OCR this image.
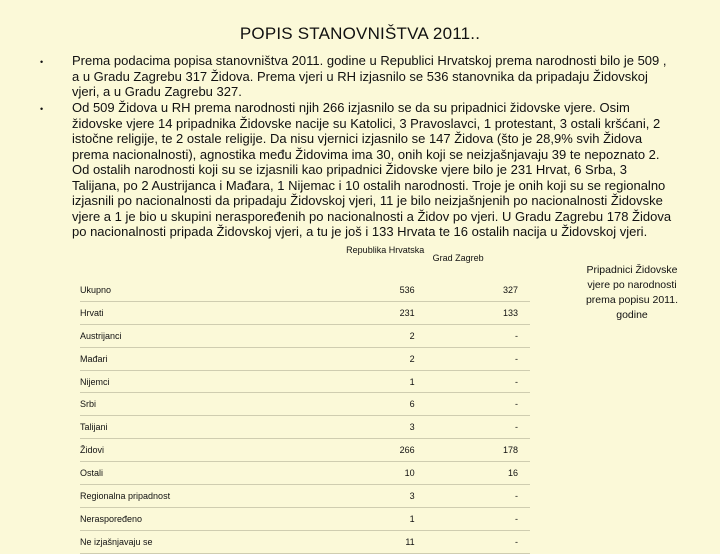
POPIS STANOVNIŠTVA 2011..
• Prema podacima popisa stanovništva 2011. godine u Republici Hrvatskoj prema narodnosti bilo je 509 , a u Gradu Zagrebu 317 Židova. Prema vjeri u RH izjasnilo se 536 stanovnika da pripadaju Židovskoj vjeri, a u Gradu Zagrebu 327.
• Od 509 Židova u RH prema narodnosti njih 266 izjasnilo se da su pripadnici židovske vjere. Osim židovske vjere 14 pripadnika Židovske nacije su Katolici, 3 Pravoslavci, 1 protestant, 3 ostali kršćani, 2 istočne religije, te 2 ostale religije. Da nisu vjernici izjasnilo se 147 Židova (što je 28,9% svih Židova prema nacionalnosti), agnostika među Židovima ima 30, onih koji se neizjašnjavaju 39 te nepoznato 2. Od ostalih narodnosti koji su se izjasnili kao pripadnici Židovske vjere bilo je 231 Hrvat, 6 Srba, 3 Talijana, po 2 Austrijanca i Mađara, 1 Nijemac i 10 ostalih narodnosti. Troje je onih koji su se regionalno izjasnili po nacionalnosti da pripadaju Židovskoj vjeri, 11 je bilo neizjašnjenih po nacionalnosti Židovske vjere a 1 je bio u skupini neraspoređenih po nacionalnosti a Židov po vjeri. U Gradu Zagrebu 178 Židova po nacionalnosti pripada Židovskoj vjeri, a tu je još i 133 Hrvata te 16 ostalih nacija u Židovskoj vjeri.
	Republika Hrvatska	Grad Zagreb
Ukupno	536	327
Hrvati	231	133
Austrijanci	2	-
Mađari	2	-
Nijemci	1	-
Srbi	6	-
Talijani	3	-
Židovi	266	178
Ostali	10	16
Regionalna pripadnost	3	-
Neraspoređeno	1	-
Ne izjašnjavaju se	11	-
Pripadnici Židovske vjere po narodnosti prema popisu 2011. godine
